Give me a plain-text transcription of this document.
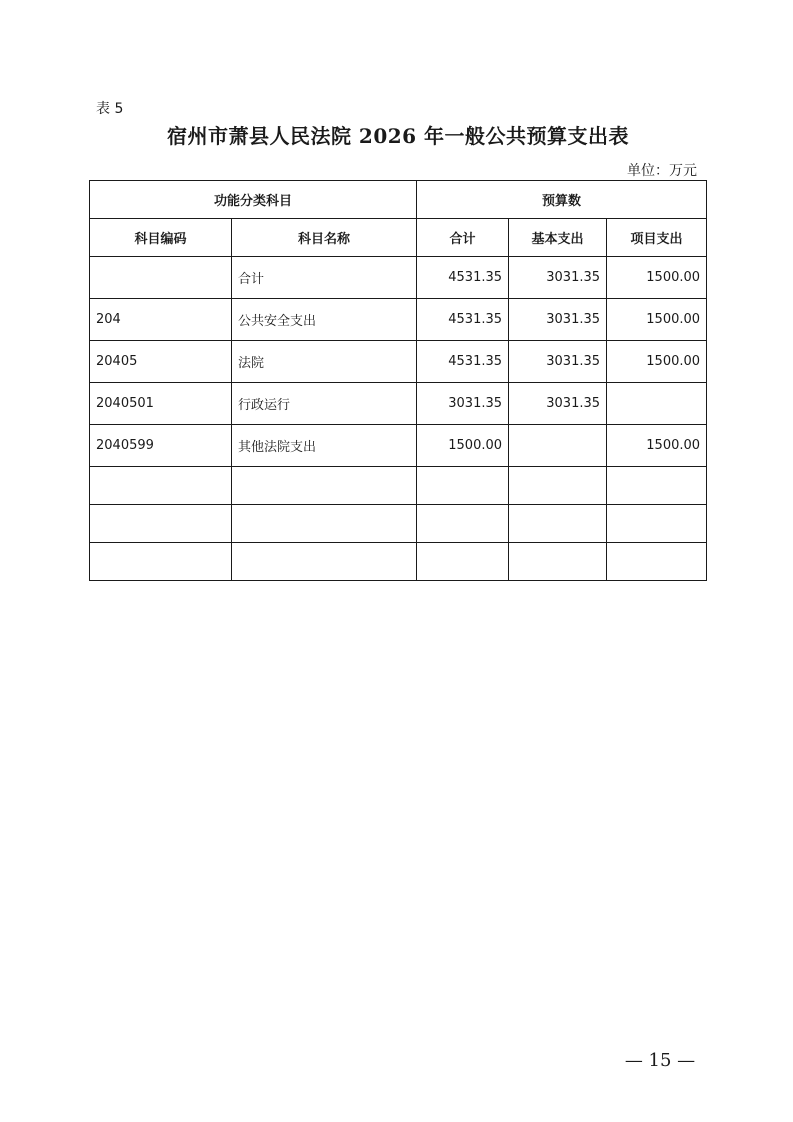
表 5
宿州市萧县人民法院 2026 年一般公共预算支出表
单位：万元
功能分类科目		预算数		
科目编码	科目名称	合计	基本支出	项目支出
	合计	4531.35	3031.35	1500.00
204	公共安全支出	4531.35	3031.35	1500.00
20405	法院	4531.35	3031.35	1500.00
2040501	行政运行	3031.35	3031.35	
2040599	其他法院支出	1500.00		1500.00

— 15 —
